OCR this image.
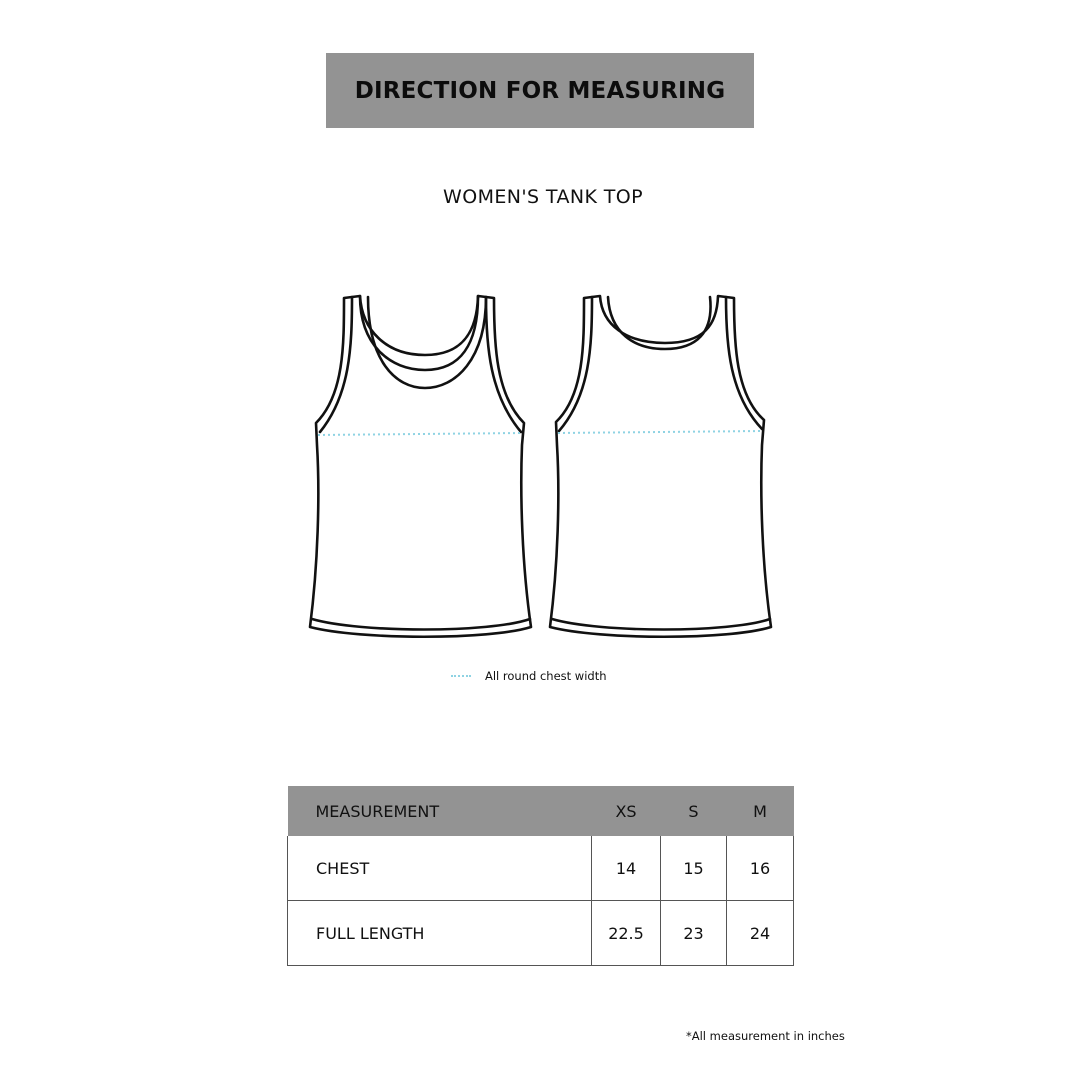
DIRECTION FOR MEASURING
WOMEN'S TANK TOP
All round chest width
MEASUREMENT	XS	S	M
CHEST	14	15	16
FULL LENGTH	22.5	23	24
*All measurement in inches
